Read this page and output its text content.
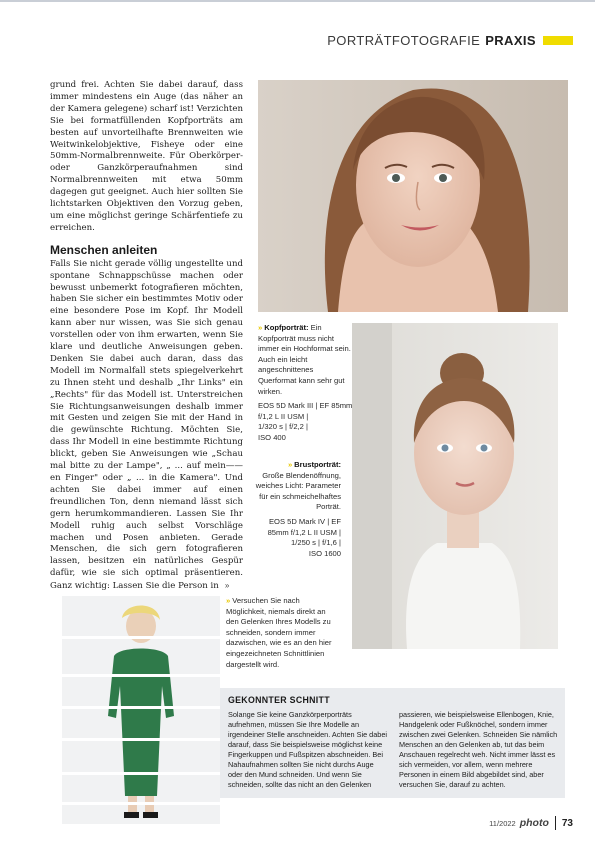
PORTRÄTFOTOGRAFIE PRAXIS

grund frei. Achten Sie dabei darauf, dass immer mindestens ein Auge (das näher an der Kamera gelegene) scharf ist! Verzichten Sie bei formatfüllenden Kopfporträts am besten auf unvorteilhafte Brennweiten wie Weitwinkelobjektive, Fisheye oder eine 50mm-Normalbrennweite. Für Oberkörper- oder Ganzkörperaufnahmen sind Normalbrennweiten mit etwa 50mm dagegen gut geeignet. Auch hier sollten Sie lichtstarken Objektiven den Vorzug geben, um eine möglichst geringe Schärfentiefe zu erreichen.

Menschen anleiten

Falls Sie nicht gerade völlig ungestellte und spontane Schnappschüsse machen oder bewusst unbemerkt fotografieren möchten, haben Sie sicher ein bestimmtes Motiv oder eine besondere Pose im Kopf. Ihr Modell kann aber nur wissen, was Sie sich genau vorstellen oder von ihm erwarten, wenn Sie klare und deutliche Anweisungen geben. Denken Sie dabei auch daran, dass das Modell im Normalfall stets spiegelverkehrt zu Ihnen steht und deshalb „Ihr Links" ein „Rechts" für das Modell ist. Unterstreichen Sie Richtungsanweisungen deshalb immer mit Gesten und zeigen Sie mit der Hand in die gewünschte Richtung. Möchten Sie, dass Ihr Modell in eine bestimmte Richtung blickt, geben Sie Anweisungen wie „Schau mal bitte zu der Lampe", „ ... auf mein——en Finger" oder „ ... in die Kamera". Und achten Sie dabei immer auf einen freundlichen Ton, denn niemand lässt sich gern herumkommandieren. Lassen Sie Ihr Modell ruhig auch selbst Vorschläge machen und Posen anbieten. Gerade Menschen, die sich gern fotografieren lassen, besitzen ein natürliches Gespür dafür, wie sie sich optimal präsentieren. Ganz wichtig: Lassen Sie die Person in »

» Kopfporträt: Ein Kopfporträt muss nicht immer ein Hochformat sein. Auch ein leicht angeschnittenes Querformat kann sehr gut wirken.
EOS 5D Mark III | EF 85mm f/1,2 L II USM |
1/320 s | f/2,2 |
ISO 400
» Brustporträt:
Große Blendenöffnung, weiches Licht: Parameter für ein schmeichelhaftes Porträt.
EOS 5D Mark IV | EF
85mm f/1,2 L II USM |
1/250 s | f/1,6 |
ISO 1600
» Versuchen Sie nach Möglichkeit, niemals direkt an den Gelenken Ihres Modells zu schneiden, sondern immer dazwischen, wie es an den hier eingezeichneten Schnittlinien dargestellt wird.
GEKONNTER SCHNITT
Solange Sie keine Ganzkörperporträts aufnehmen, müssen Sie Ihre Modelle an irgendeiner Stelle anschneiden. Achten Sie dabei darauf, dass Sie beispielsweise möglichst keine Fingerkuppen und Fußspitzen abschneiden. Bei Nahaufnahmen sollten Sie nicht durchs Auge oder den Mund schneiden. Und wenn Sie schneiden, sollte das nicht an den Gelenken
passieren, wie beispielsweise Ellenbogen, Knie, Handgelenk oder Fußknöchel, sondern immer zwischen zwei Gelenken. Schneiden Sie nämlich Menschen an den Gelenken ab, tut das beim Anschauen regelrecht weh. Nicht immer lässt es sich vermeiden, vor allem, wenn mehrere Personen in einem Bild abgebildet sind, aber versuchen Sie, darauf zu achten.
11/2022 photo 73
